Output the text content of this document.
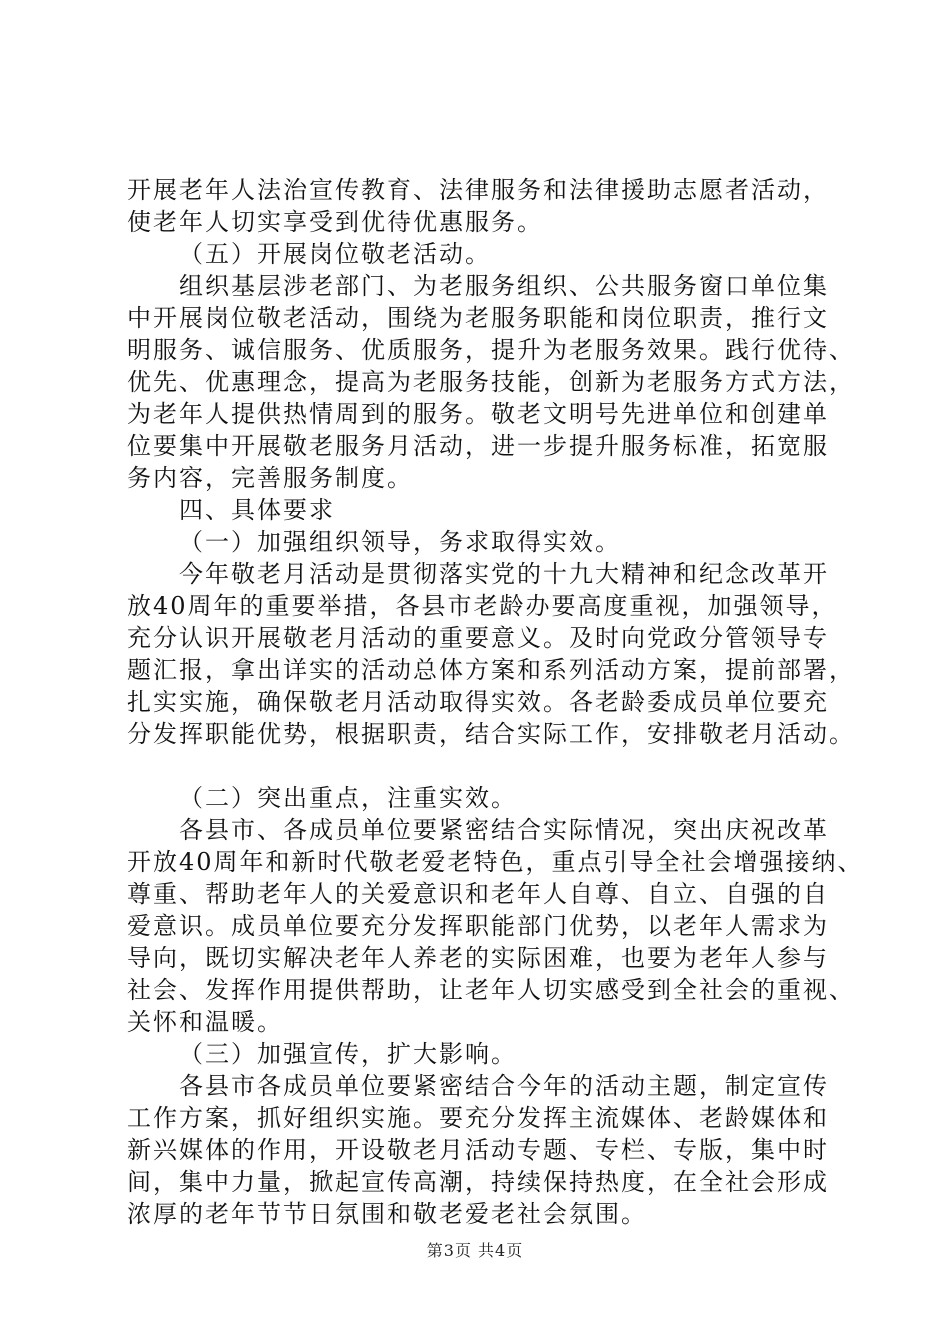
开展老年人法治宣传教育、法律服务和法律援助志愿者活动，
使老年人切实享受到优待优惠服务。
（五）开展岗位敬老活动。
组织基层涉老部门、为老服务组织、公共服务窗口单位集
中开展岗位敬老活动，围绕为老服务职能和岗位职责，推行文
明服务、诚信服务、优质服务，提升为老服务效果。践行优待、
优先、优惠理念，提高为老服务技能，创新为老服务方式方法，
为老年人提供热情周到的服务。敬老文明号先进单位和创建单
位要集中开展敬老服务月活动，进一步提升服务标准，拓宽服
务内容，完善服务制度。
四、具体要求
（一）加强组织领导，务求取得实效。
今年敬老月活动是贯彻落实党的十九大精神和纪念改革开
放40周年的重要举措，各县市老龄办要高度重视，加强领导，
充分认识开展敬老月活动的重要意义。及时向党政分管领导专
题汇报，拿出详实的活动总体方案和系列活动方案，提前部署，
扎实实施，确保敬老月活动取得实效。各老龄委成员单位要充
分发挥职能优势，根据职责，结合实际工作，安排敬老月活动。
（二）突出重点，注重实效。
各县市、各成员单位要紧密结合实际情况，突出庆祝改革
开放40周年和新时代敬老爱老特色，重点引导全社会增强接纳、
尊重、帮助老年人的关爱意识和老年人自尊、自立、自强的自
爱意识。成员单位要充分发挥职能部门优势，以老年人需求为
导向，既切实解决老年人养老的实际困难，也要为老年人参与
社会、发挥作用提供帮助，让老年人切实感受到全社会的重视、
关怀和温暖。
（三）加强宣传，扩大影响。
各县市各成员单位要紧密结合今年的活动主题，制定宣传
工作方案，抓好组织实施。要充分发挥主流媒体、老龄媒体和
新兴媒体的作用，开设敬老月活动专题、专栏、专版，集中时
间，集中力量，掀起宣传高潮，持续保持热度，在全社会形成
浓厚的老年节节日氛围和敬老爱老社会氛围。
第3页 共4页
